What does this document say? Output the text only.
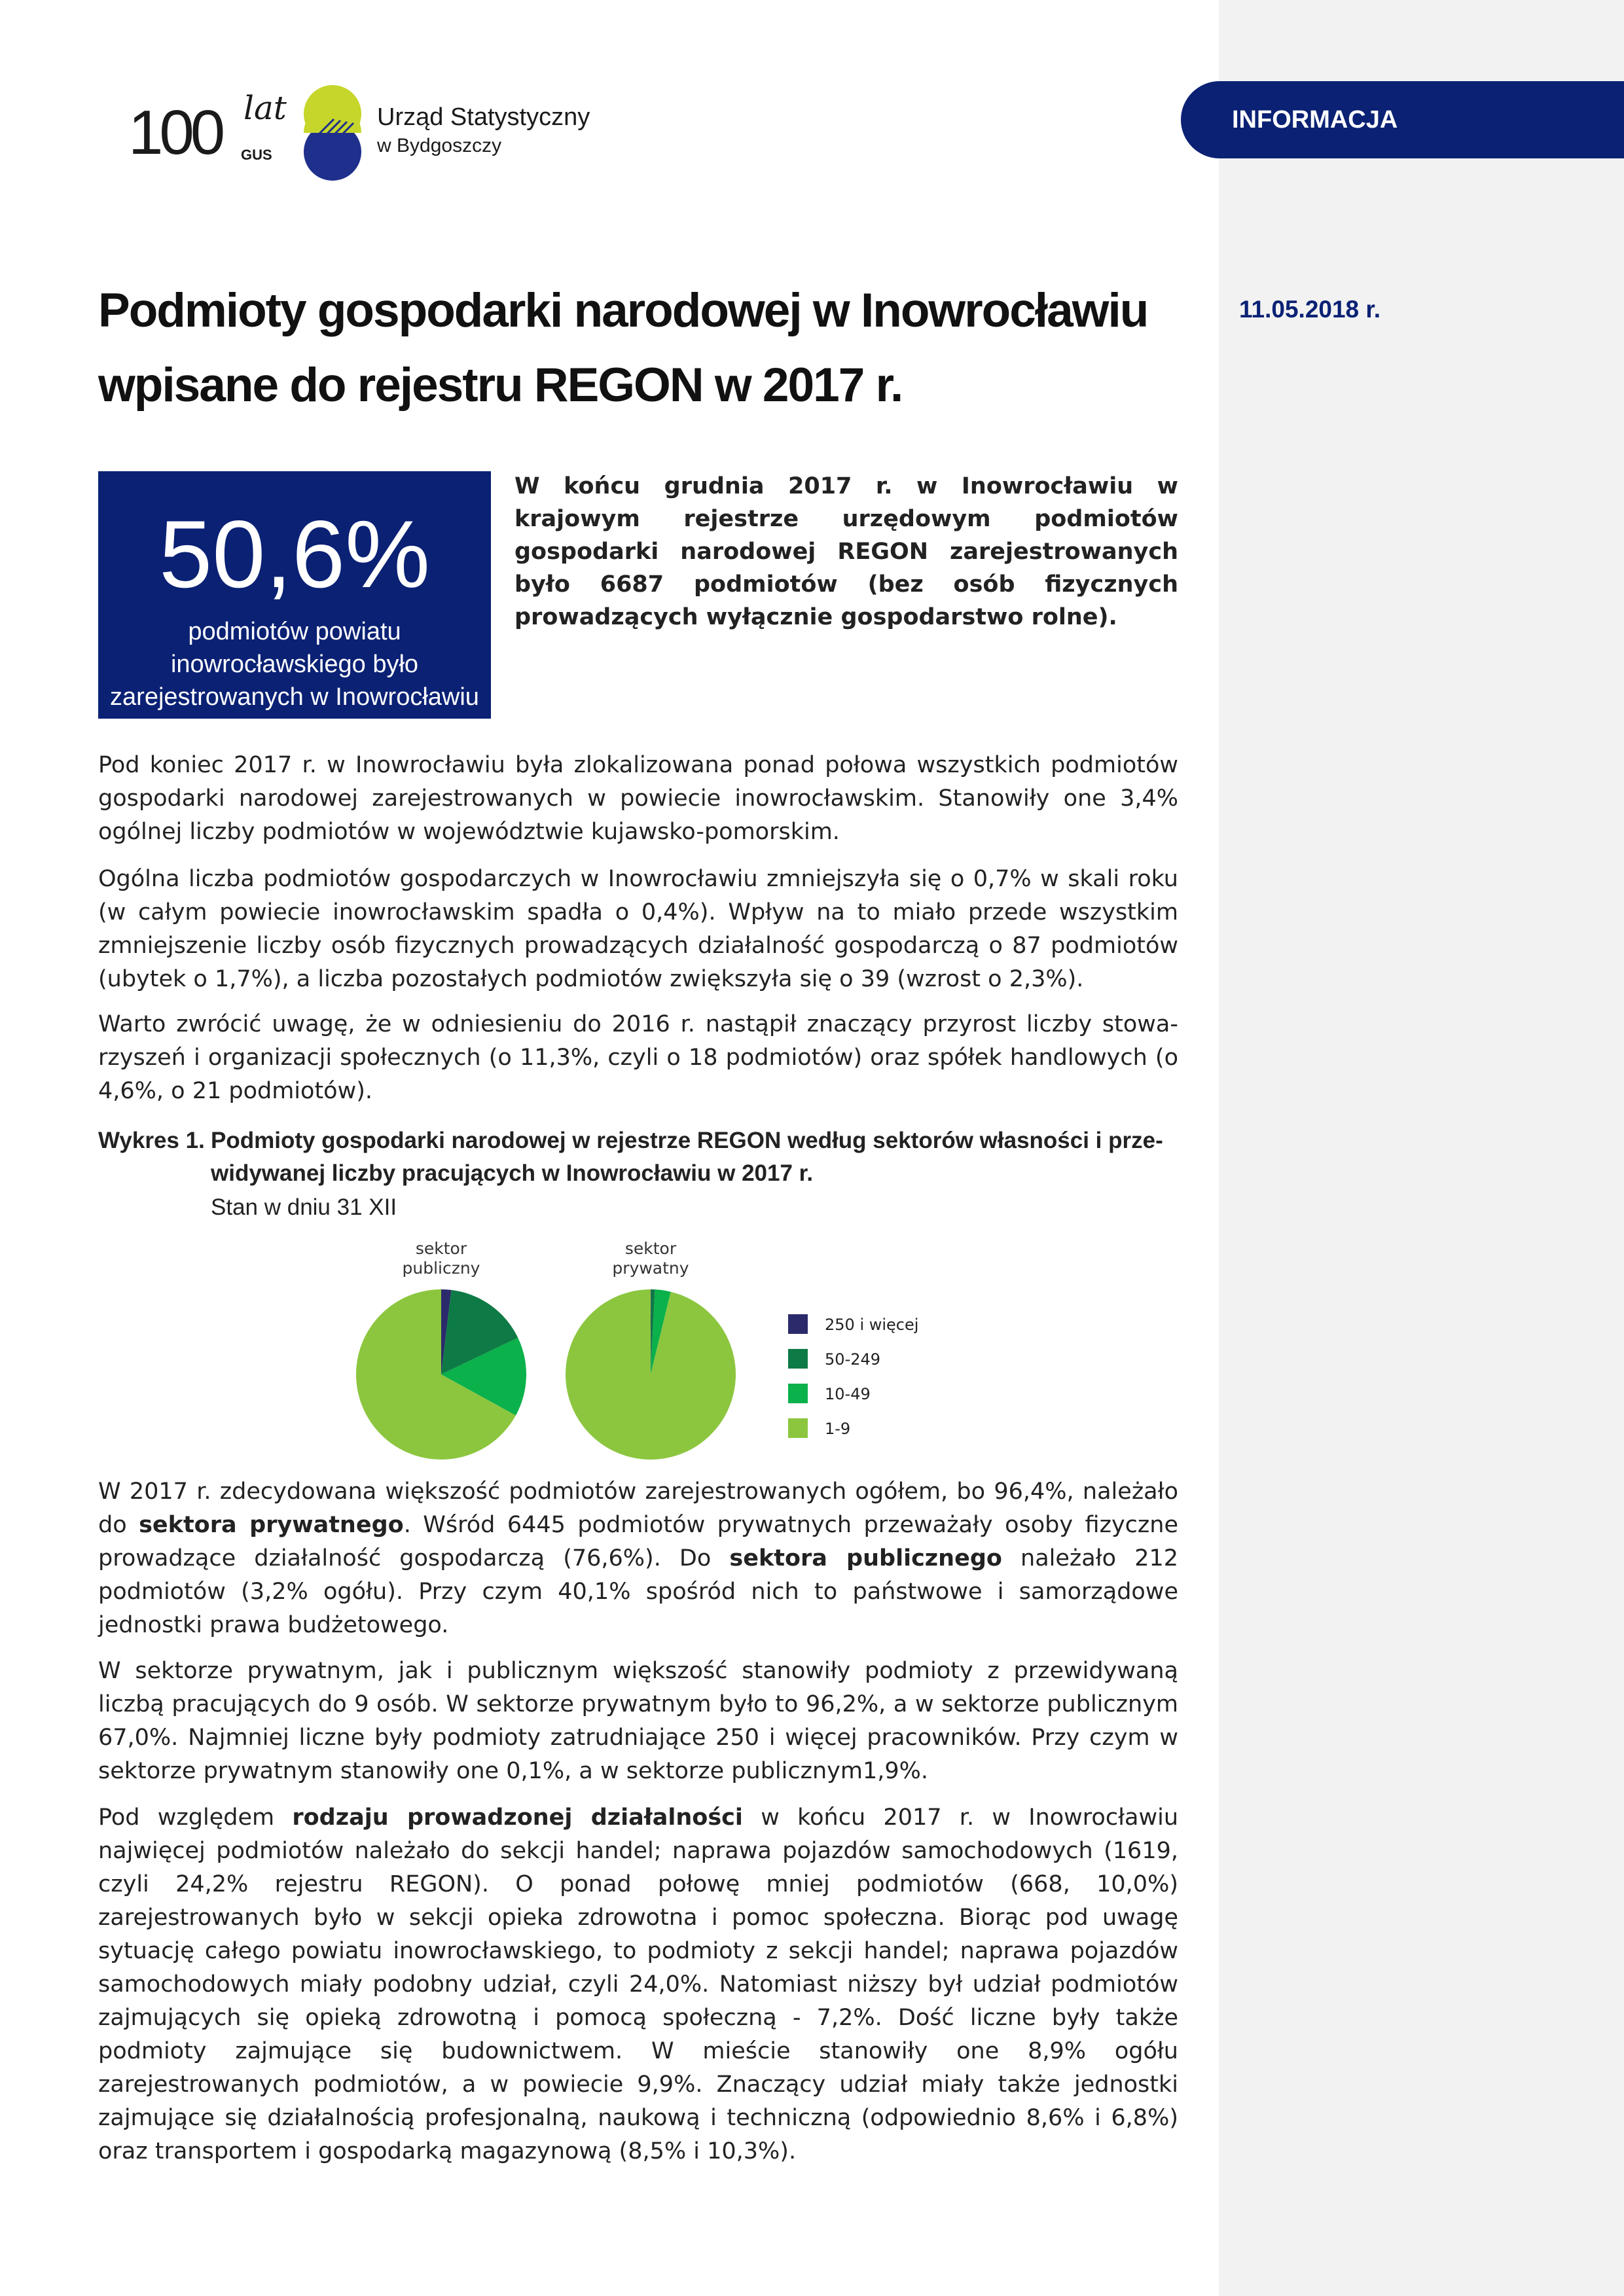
INFORMACJA
11.05.2018 r.
100 lat
GUS
Urząd Statystyczny
w Bydgoszczy
Podmioty gospodarki narodowej w Inowrocławiu wpisane do rejestru REGON w 2017 r.
50,6%
podmiotów powiatu inowrocławskiego było zarejestrowanych w Inowrocławiu

W końcu grudnia 2017 r. w Inowrocławiu w krajowym rejestrze urzędowym podmiotów gospodarki narodowej REGON zarejestrowanych było 6687 podmiotów (bez osób fizycznych prowadzących wyłącznie gospodarstwo rolne).

Pod koniec 2017 r. w Inowrocławiu była zlokalizowana ponad połowa wszystkich podmiotów gospodarki narodowej zarejestrowanych w powiecie inowrocławskim. Stanowiły one 3,4% ogólnej liczby podmiotów w województwie kujawsko-pomorskim.

Ogólna liczba podmiotów gospodarczych w Inowrocławiu zmniejszyła się o 0,7% w skali roku (w całym powiecie inowrocławskim spadła o 0,4%). Wpływ na to miało przede wszystkim zmniejszenie liczby osób fizycznych prowadzących działalność gospodarczą o 87 podmiotów (ubytek o 1,7%), a liczba pozostałych podmiotów zwiększyła się o 39 (wzrost o 2,3%).

Warto zwrócić uwagę, że w odniesieniu do 2016 r. nastąpił znaczący przyrost liczby stowarzyszeń i organizacji społecznych (o 11,3%, czyli o 18 podmiotów) oraz spółek handlowych (o 4,6%, o 21 podmiotów).

Wykres 1. Podmioty gospodarki narodowej w rejestrze REGON według sektorów własności i przewidywanej liczby pracujących w Inowrocławiu w 2017 r.
Stan w dniu 31 XII
sektor
publiczny
sektor
prywatny
250 i więcej
50-249
10-49
1-9

W 2017 r. zdecydowana większość podmiotów zarejestrowanych ogółem, bo 96,4%, należało do sektora prywatnego. Wśród 6445 podmiotów prywatnych przeważały osoby fizyczne prowadzące działalność gospodarczą (76,6%). Do sektora publicznego należało 212 podmiotów (3,2% ogółu). Przy czym 40,1% spośród nich to państwowe i samorządowe jednostki prawa budżetowego.

W sektorze prywatnym, jak i publicznym większość stanowiły podmioty z przewidywaną liczbą pracujących do 9 osób. W sektorze prywatnym było to 96,2%, a w sektorze publicznym 67,0%. Najmniej liczne były podmioty zatrudniające 250 i więcej pracowników. Przy czym w sektorze prywatnym stanowiły one 0,1%, a w sektorze publicznym1,9%.

Pod względem rodzaju prowadzonej działalności w końcu 2017 r. w Inowrocławiu najwięcej podmiotów należało do sekcji handel; naprawa pojazdów samochodowych (1619, czyli 24,2% rejestru REGON). O ponad połowę mniej podmiotów (668, 10,0%) zarejestrowanych było w sekcji opieka zdrowotna i pomoc społeczna. Biorąc pod uwagę sytuację całego powiatu inowrocławskiego, to podmioty z sekcji handel; naprawa pojazdów samochodowych miały podobny udział, czyli 24,0%. Natomiast niższy był udział podmiotów zajmujących się opieką zdrowotną i pomocą społeczną - 7,2%. Dość liczne były także podmioty zajmujące się budownictwem. W mieście stanowiły one 8,9% ogółu zarejestrowanych podmiotów, a w powiecie 9,9%. Znaczący udział miały także jednostki zajmujące się działalnością profesjonalną, naukową i techniczną (odpowiednio 8,6% i 6,8%) oraz transportem i gospodarką magazynową (8,5% i 10,3%).
